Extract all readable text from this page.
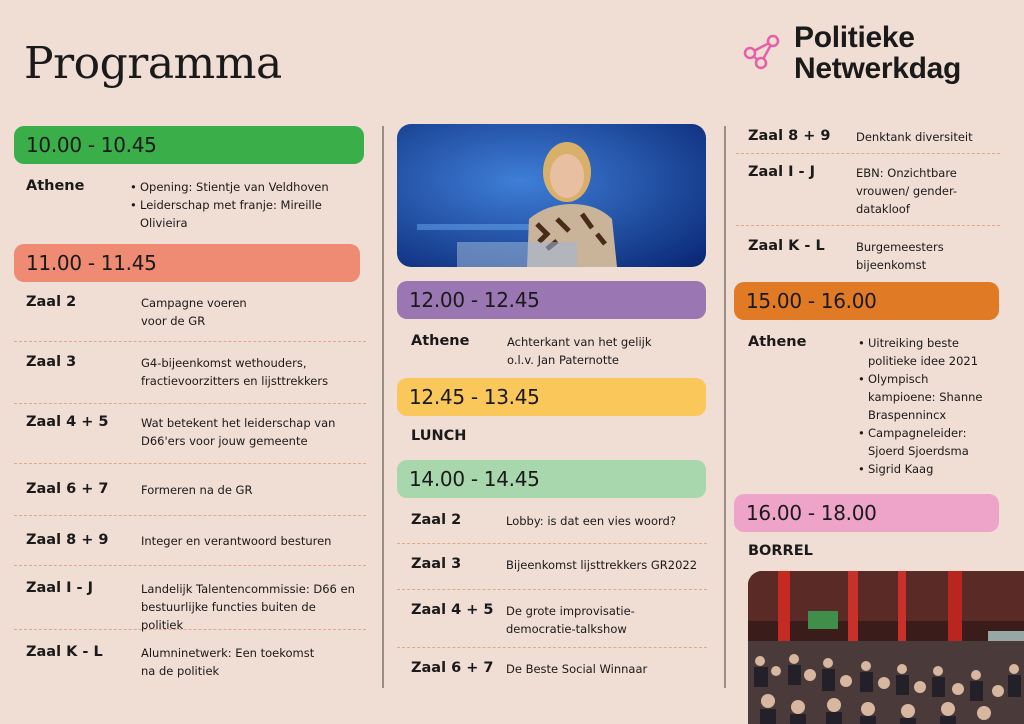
Programma
Politieke
Netwerkdag
10.00 - 10.45
Athene	• Opening: Stientje van Veldhoven
• Leiderschap met franje: Mireille Olivieira
11.00 - 11.45
Zaal 2	Campagne voeren voor de GR
Zaal 3	G4-bijeenkomst wethouders, fractievoorzitters en lijsttrekkers
Zaal 4 + 5	Wat betekent het leiderschap van D66'ers voor jouw gemeente
Zaal 6 + 7	Formeren na de GR
Zaal 8 + 9	Integer en verantwoord besturen
Zaal I - J	Landelijk Talentencommissie: D66 en bestuurlijke functies buiten de politiek
Zaal K - L	Alumninetwerk: Een toekomst na de politiek
12.00 - 12.45
Athene	Achterkant van het gelijk o.l.v. Jan Paternotte
12.45 - 13.45
LUNCH
14.00 - 14.45
Zaal 2	Lobby: is dat een vies woord?
Zaal 3	Bijeenkomst lijsttrekkers GR2022
Zaal 4 + 5	De grote improvisatie-democratie-talkshow
Zaal 6 + 7	De Beste Social Winnaar
Zaal 8 + 9	Denktank diversiteit
Zaal I - J	EBN: Onzichtbare vrouwen/ gender-datakloof
Zaal K - L	Burgemeesters bijeenkomst
15.00 - 16.00
Athene	• Uitreiking beste politieke idee 2021
• Olympisch kampioene: Shanne Braspennincx
• Campagneleider: Sjoerd Sjoerdsma
• Sigrid Kaag
16.00 - 18.00
BORREL
